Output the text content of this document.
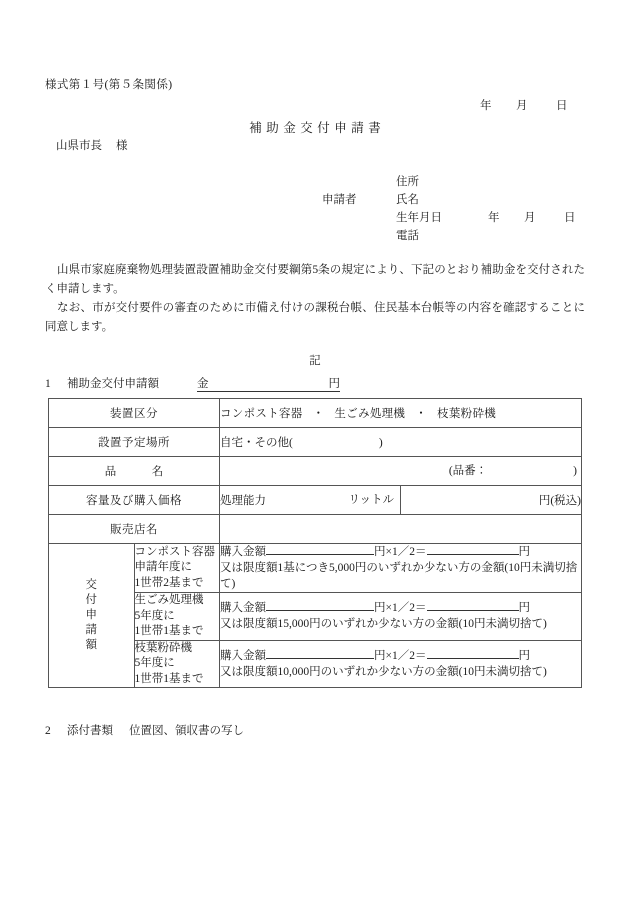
様式第１号(第５条関係)
年 月 日
補助金交付申請書
山県市長 様
住所
申請者	氏名
生年月日	年 月 日
電話
山県市家庭廃棄物処理装置設置補助金交付要綱第5条の規定により、下記のとおり補助金を交付されたく申請します。
なお、市が交付要件の審査のために市備え付けの課税台帳、住民基本台帳等の内容を確認することに同意します。
記
1 補助金交付申請額	金	円
装置区分		コンポスト容器 ・ 生ごみ処理機 ・ 枝葉粉砕機	
設置予定場所		自宅・その他( )	
品　名		(品番： )	

容量及び購入価格		処理能力 リットル	円(税込)
販売店名			

交
付
申
請
額

コンポスト容器
申請年度に
1世帯2基まで

購入金額	円×1／2＝	円
又は限度額1基につき5,000円のいずれか少ない方の金額(10円未満切捨て)

生ごみ処理機
5年度に
1世帯1基まで

購入金額	円×1／2＝	円
又は限度額15,000円のいずれか少ない方の金額(10円未満切捨て)

枝葉粉砕機
5年度に
1世帯1基まで

購入金額	円×1／2＝	円
又は限度額10,000円のいずれか少ない方の金額(10円未満切捨て)
2 添付書類 位置図、領収書の写し
